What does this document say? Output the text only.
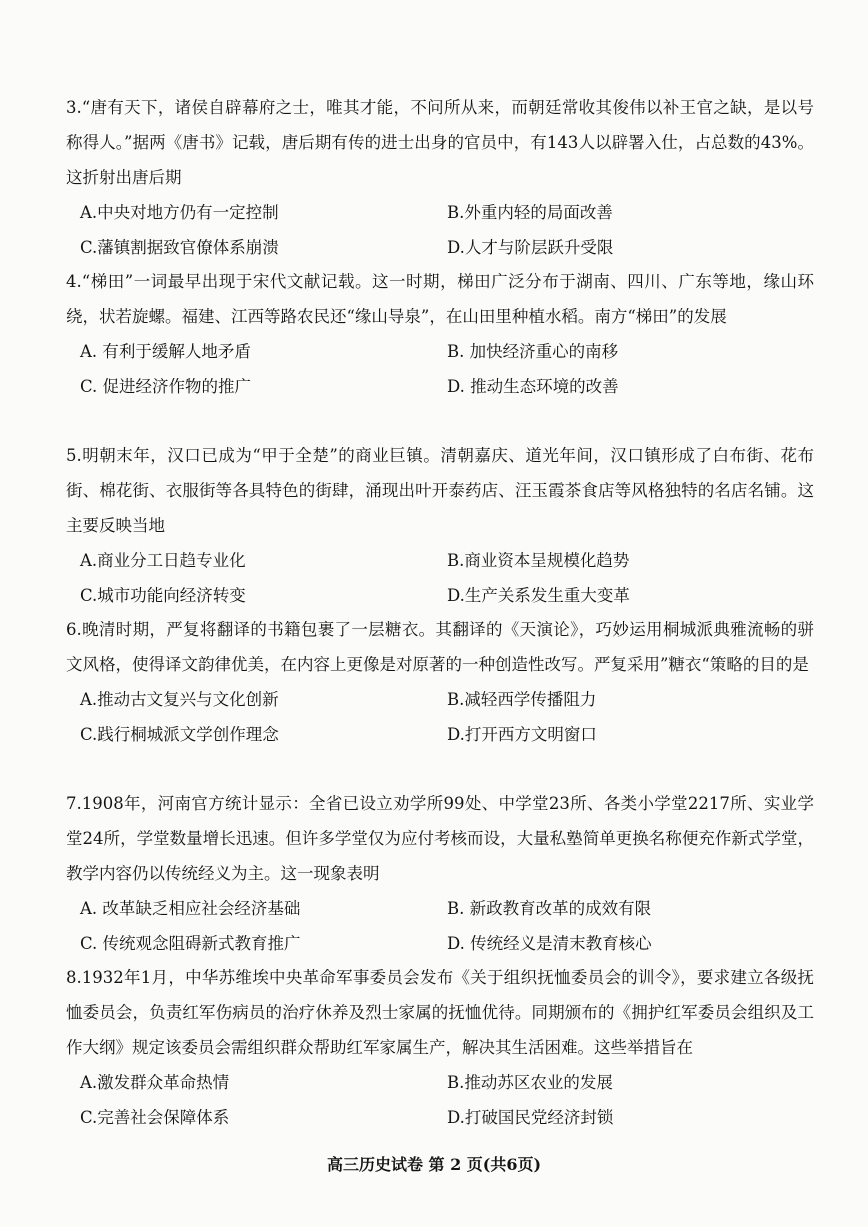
3.“唐有天下，诸侯自辟幕府之士，唯其才能，不问所从来，而朝廷常收其俊伟以补王官之缺，是以号称得人。”据两《唐书》记载，唐后期有传的进士出身的官员中，有143人以辟署入仕，占总数的43%。这折射出唐后期

A.中央对地方仍有一定控制	B.外重内轻的局面改善
C.藩镇割据致官僚体系崩溃	D.人才与阶层跃升受限

4.“梯田”一词最早出现于宋代文献记载。这一时期，梯田广泛分布于湖南、四川、广东等地，缘山环绕，状若旋螺。福建、江西等路农民还“缘山导泉”，在山田里种植水稻。南方“梯田”的发展

A. 有利于缓解人地矛盾	B. 加快经济重心的南移
C. 促进经济作物的推广	D. 推动生态环境的改善

5.明朝末年，汉口已成为“甲于全楚”的商业巨镇。清朝嘉庆、道光年间，汉口镇形成了白布街、花布街、棉花街、衣服街等各具特色的街肆，涌现出叶开泰药店、汪玉霞茶食店等风格独特的名店名铺。这主要反映当地

A.商业分工日趋专业化	B.商业资本呈规模化趋势
C.城市功能向经济转变	D.生产关系发生重大变革

6.晚清时期，严复将翻译的书籍包裹了一层糖衣。其翻译的《天演论》，巧妙运用桐城派典雅流畅的骈文风格，使得译文韵律优美，在内容上更像是对原著的一种创造性改写。严复采用”糖衣“策略的目的是

A.推动古文复兴与文化创新	B.减轻西学传播阻力
C.践行桐城派文学创作理念	D.打开西方文明窗口

7.1908年，河南官方统计显示：全省已设立劝学所99处、中学堂23所、各类小学堂2217所、实业学堂24所，学堂数量增长迅速。但许多学堂仅为应付考核而设，大量私塾简单更换名称便充作新式学堂，教学内容仍以传统经义为主。这一现象表明

A. 改革缺乏相应社会经济基础	B. 新政教育改革的成效有限
C. 传统观念阻碍新式教育推广	D. 传统经义是清末教育核心

8.1932年1月，中华苏维埃中央革命军事委员会发布《关于组织抚恤委员会的训令》，要求建立各级抚恤委员会，负责红军伤病员的治疗休养及烈士家属的抚恤优待。同期颁布的《拥护红军委员会组织及工作大纲》规定该委员会需组织群众帮助红军家属生产，解决其生活困难。这些举措旨在

A.激发群众革命热情	B.推动苏区农业的发展
C.完善社会保障体系	D.打破国民党经济封锁
高三历史试卷 第 2 页(共6页)
